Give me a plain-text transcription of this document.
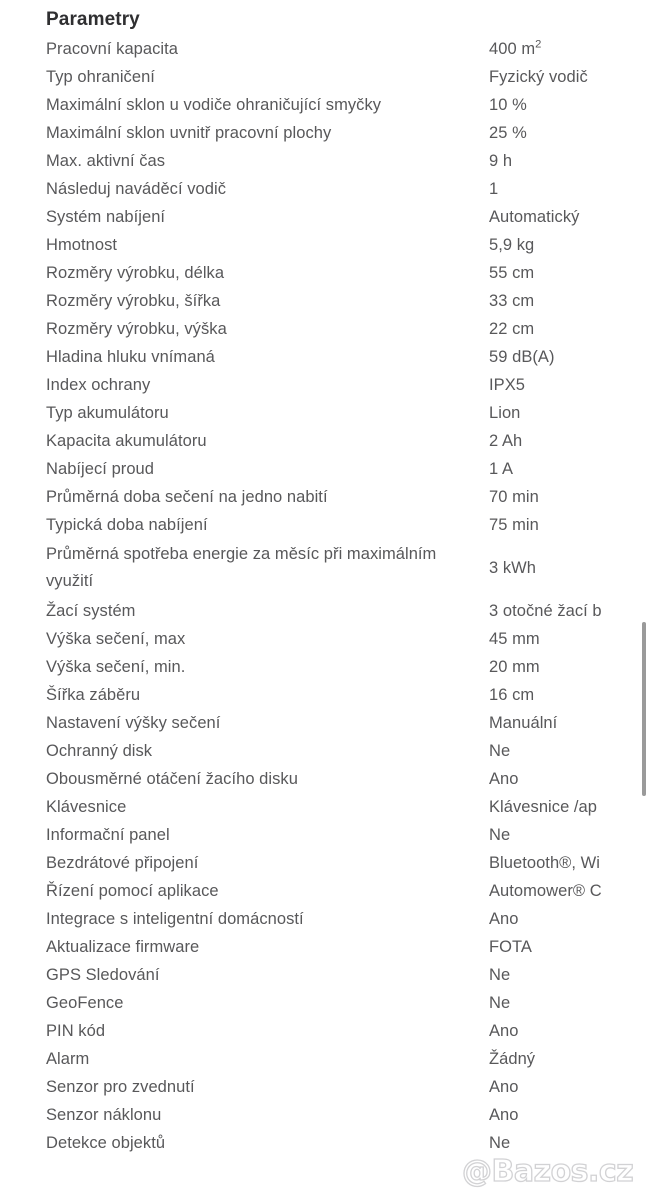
Parametry
Pracovní kapacita	400 $m^2$
Typ ohraničení	Fyzický vodič
Maximální sklon u vodiče ohraničující smyčky	10 %
Maximální sklon uvnitř pracovní plochy	25 %
Max. aktivní čas	9 h
Následuj naváděcí vodič	1
Systém nabíjení	Automatický
Hmotnost	5,9 kg
Rozměry výrobku, délka	55 cm
Rozměry výrobku, šířka	33 cm
Rozměry výrobku, výška	22 cm
Hladina hluku vnímaná	59 dB(A)
Index ochrany	IPX5
Typ akumulátoru	Lion
Kapacita akumulátoru	2 Ah
Nabíjecí proud	1 A
Průměrná doba sečení na jedno nabití	70 min
Typická doba nabíjení	75 min
Průměrná spotřeba energie za měsíc při maximálním využití	3 kWh
Žací systém	3 otočné žací b
Výška sečení, max	45 mm
Výška sečení, min.	20 mm
Šířka záběru	16 cm
Nastavení výšky sečení	Manuální
Ochranný disk	Ne
Obousměrné otáčení žacího disku	Ano
Klávesnice	Klávesnice /ap
Informační panel	Ne
Bezdrátové připojení	Bluetooth®, Wi
Řízení pomocí aplikace	Automower® C
Integrace s inteligentní domácností	Ano
Aktualizace firmware	FOTA
GPS Sledování	Ne
GeoFence	Ne
PIN kód	Ano
Alarm	Žádný
Senzor pro zvednutí	Ano
Senzor náklonu	Ano
Detekce objektů	Ne
